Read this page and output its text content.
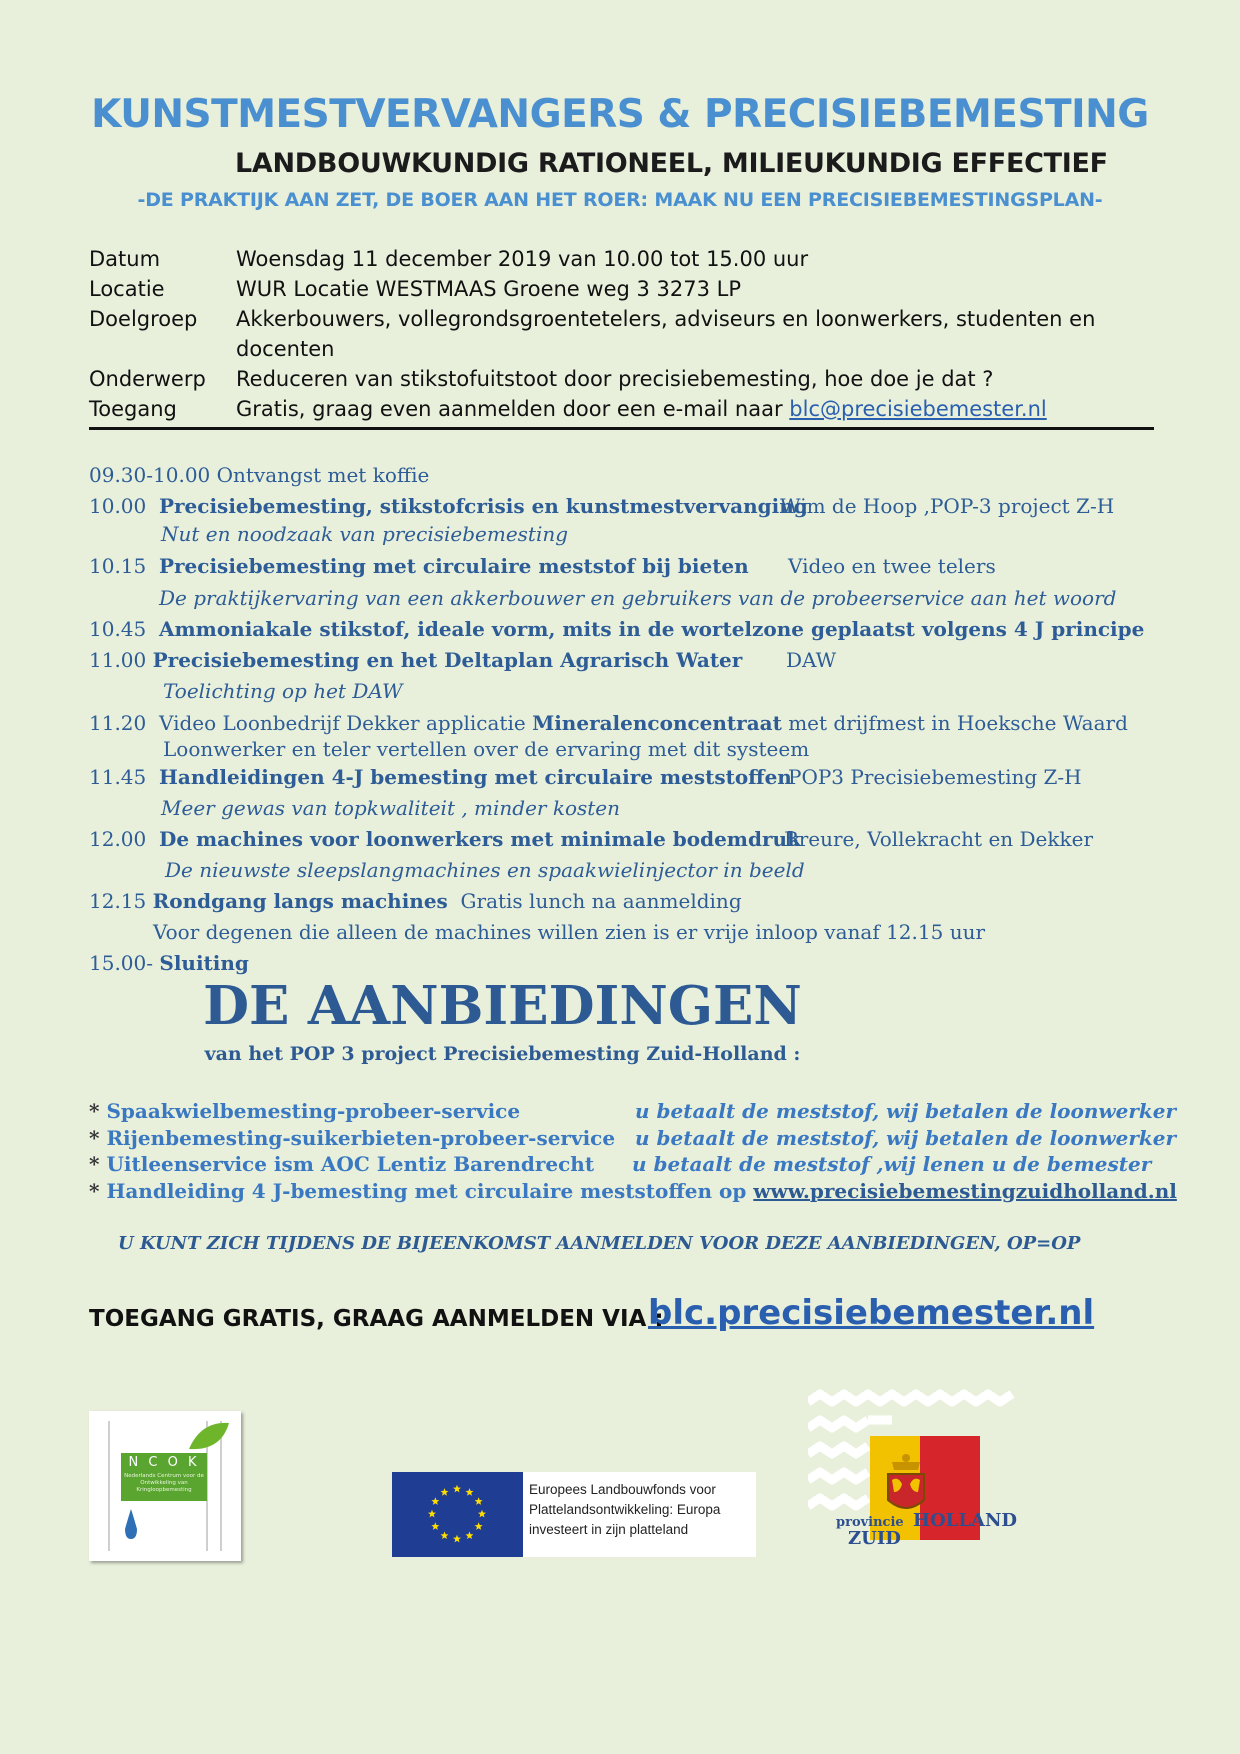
KUNSTMESTVERVANGERS & PRECISIEBEMESTING
LANDBOUWKUNDIG RATIONEEL, MILIEUKUNDIG EFFECTIEF
-DE PRAKTIJK AAN ZET, DE BOER AAN HET ROER: MAAK NU EEN PRECISIEBEMESTINGSPLAN-
Datum	Woensdag 11 december 2019 van 10.00 tot 15.00 uur
Locatie	WUR Locatie WESTMAAS Groene weg 3 3273 LP
Doelgroep	Akkerbouwers, vollegrondsgroentetelers, adviseurs en loonwerkers, studenten en docenten
Onderwerp	Reduceren van stikstofuitstoot door precisiebemesting, hoe doe je dat ?
Toegang	Gratis, graag even aanmelden door een e-mail naar blc@precisiebemester.nl
09.30-10.00 Ontvangst met koffie
10.00 Precisiebemesting, stikstofcrisis en kunstmestvervanging
Wim de Hoop ,POP-3 project Z-H
Nut en noodzaak van precisiebemesting
10.15 Precisiebemesting met circulaire meststof bij bieten Video en twee telers
De praktijkervaring van een akkerbouwer en gebruikers van de probeerservice aan het woord
10.45 Ammoniakale stikstof, ideale vorm, mits in de wortelzone geplaatst volgens 4 J principe
11.00 Precisiebemesting en het Deltaplan Agrarisch Water DAW
Toelichting op het DAW
11.20 Video Loonbedrijf Dekker applicatie Mineralenconcentraat met drijfmest in Hoeksche Waard
Loonwerker en teler vertellen over de ervaring met dit systeem
11.45 Handleidingen 4-J bemesting met circulaire meststoffen
POP3 Precisiebemesting Z-H
Meer gewas van topkwaliteit , minder kosten
12.00 De machines voor loonwerkers met minimale bodemdruk
Breure, Vollekracht en Dekker
De nieuwste sleepslangmachines en spaakwielinjector in beeld
12.15 Rondgang langs machines Gratis lunch na aanmelding
Voor degenen die alleen de machines willen zien is er vrije inloop vanaf 12.15 uur
15.00- Sluiting
DE AANBIEDINGEN
van het POP 3 project Precisiebemesting Zuid-Holland :
* Spaakwielbemesting-probeer-service	u betaalt de meststof, wij betalen de loonwerker
* Rijenbemesting-suikerbieten-probeer-service u betaalt de meststof, wij betalen de loonwerker
* Uitleenservice ism AOC Lentiz Barendrecht u betaalt de meststof ,wij lenen u de bemester
* Handleiding 4 J-bemesting met circulaire meststoffen op www.precisiebemestingzuidholland.nl
U KUNT ZICH TIJDENS DE BIJEENKOMST AANMELDEN VOOR DEZE AANBIEDINGEN, OP=OP
TOEGANG GRATIS, GRAAG AANMELDEN VIA :
blc.precisiebemester.nl
N C O K
Nederlands Centrum voor de Ontwikkeling van Kringloopbemesting	Europees Landbouwfonds voor Plattelandsontwikkeling: Europa investeert in zijn platteland	provincie
ZUID
HOLLAND
